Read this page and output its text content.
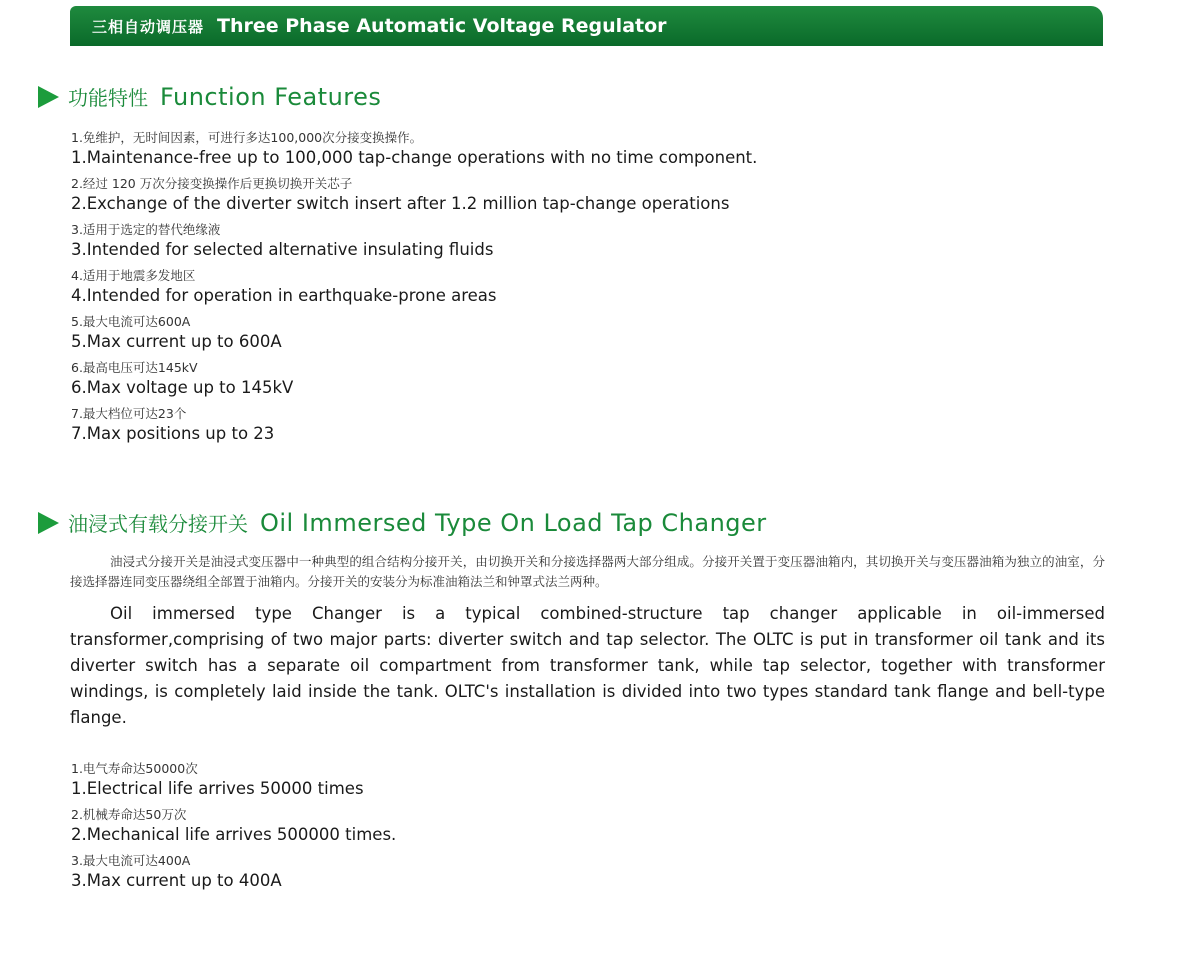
三相自动调压器 Three Phase Automatic Voltage Regulator
功能特性 Function Features
1.免维护，无时间因素，可进行多达100,000次分接变换操作。
1.Maintenance-free up to 100,000 tap-change operations with no time component.
2.经过 120 万次分接变换操作后更换切换开关芯子
2.Exchange of the diverter switch insert after 1.2 million tap-change operations
3.适用于选定的替代绝缘液
3.Intended for selected alternative insulating fluids
4.适用于地震多发地区
4.Intended for operation in earthquake-prone areas
5.最大电流可达600A
5.Max current up to 600A
6.最高电压可达145kV
6.Max voltage up to 145kV
7.最大档位可达23个
7.Max positions up to 23
油浸式有载分接开关 Oil Immersed Type On Load Tap Changer

油浸式分接开关是油浸式变压器中一种典型的组合结构分接开关，由切换开关和分接选择器两大部分组成。分接开关置于变压器油箱内，其切换开关与变压器油箱为独立的油室，分接选择器连同变压器绕组全部置于油箱内。分接开关的安装分为标准油箱法兰和钟罩式法兰两种。

Oil immersed type Changer is a typical combined-structure tap changer applicable in oil-immersed transformer,comprising of two major parts: diverter switch and tap selector. The OLTC is put in transformer oil tank and its diverter switch has a separate oil compartment from transformer tank, while tap selector, together with transformer windings, is completely laid inside the tank. OLTC's installation is divided into two types standard tank flange and bell-type flange.

1.电气寿命达50000次
1.Electrical life arrives 50000 times
2.机械寿命达50万次
2.Mechanical life arrives 500000 times.
3.最大电流可达400A
3.Max current up to 400A
